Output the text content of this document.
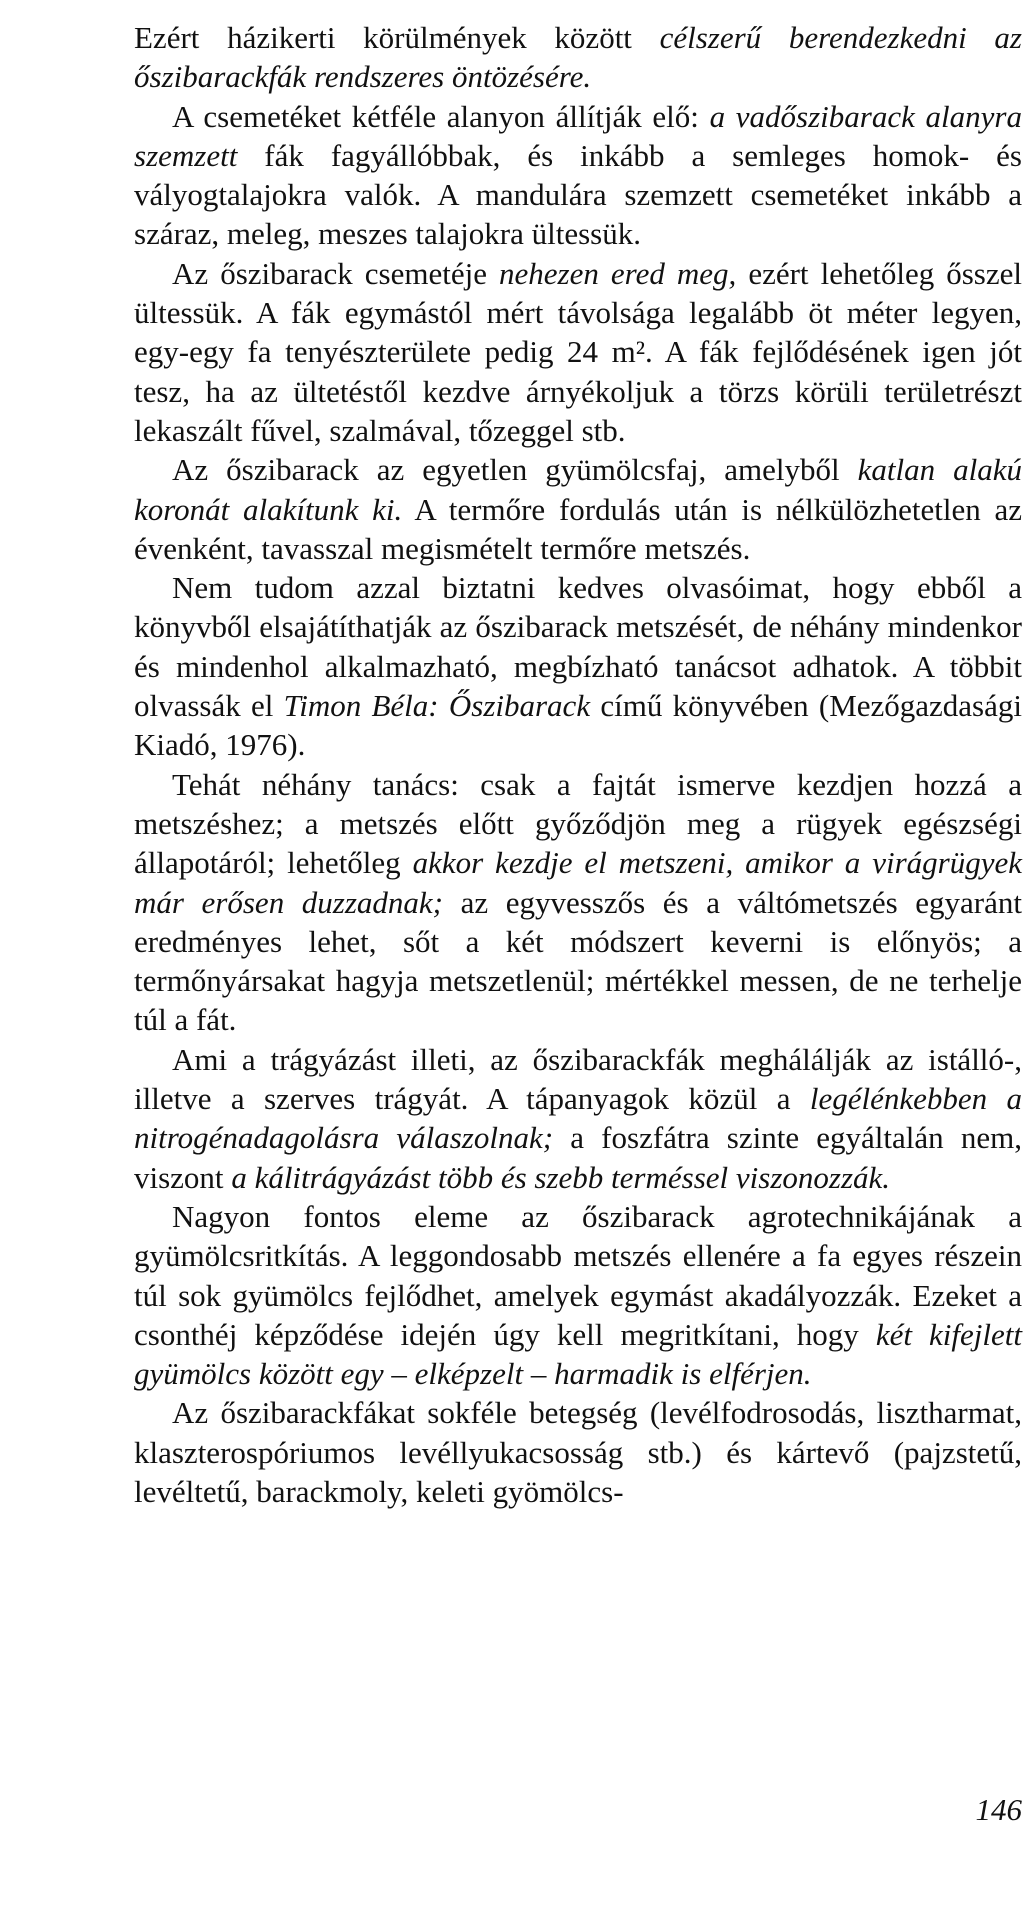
Ezért házikerti körülmények között célszerű berendezkedni az őszibarackfák rendszeres öntözésére.

A csemetéket kétféle alanyon állítják elő: a vadőszibarack alanyra szemzett fák fagyállóbbak, és inkább a semleges homok- és vályogtalajokra valók. A mandulára szemzett csemetéket inkább a száraz, meleg, meszes talajokra ültessük.

Az őszibarack csemetéje nehezen ered meg, ezért lehetőleg ősszel ültessük. A fák egymástól mért távolsága legalább öt méter legyen, egy-egy fa tenyészterülete pedig 24 m². A fák fejlődésének igen jót tesz, ha az ültetéstől kezdve árnyékoljuk a törzs körüli területrészt lekaszált fűvel, szalmával, tőzeggel stb.

Az őszibarack az egyetlen gyümölcsfaj, amelyből katlan alakú koronát alakítunk ki. A termőre fordulás után is nélkülözhetetlen az évenként, tavasszal megismételt termőre metszés.

Nem tudom azzal biztatni kedves olvasóimat, hogy ebből a könyvből elsajátíthatják az őszibarack metszését, de néhány mindenkor és mindenhol alkalmazható, megbízható tanácsot adhatok. A többit olvassák el Timon Béla: Őszibarack című könyvében (Mezőgazdasági Kiadó, 1976).

Tehát néhány tanács: csak a fajtát ismerve kezdjen hozzá a metszéshez; a metszés előtt győződjön meg a rügyek egészségi állapotáról; lehetőleg akkor kezdje el metszeni, amikor a virágrügyek már erősen duzzadnak; az egyvesszős és a váltómetszés egyaránt eredményes lehet, sőt a két módszert keverni is előnyös; a termőnyársakat hagyja metszetlenül; mértékkel messen, de ne terhelje túl a fát.

Ami a trágyázást illeti, az őszibarackfák meghálálják az istálló-, illetve a szerves trágyát. A tápanyagok közül a legélénkebben a nitrogénadagolásra válaszolnak; a foszfátra szinte egyáltalán nem, viszont a kálitrágyázást több és szebb terméssel viszonozzák.

Nagyon fontos eleme az őszibarack agrotechnikájának a gyümölcsritkítás. A leggondosabb metszés ellenére a fa egyes részein túl sok gyümölcs fejlődhet, amelyek egymást akadályozzák. Ezeket a csonthéj képződése idején úgy kell megritkítani, hogy két kifejlett gyümölcs között egy – elképzelt – harmadik is elférjen.

Az őszibarackfákat sokféle betegség (levélfodrosodás, lisztharmat, klaszterospóriumos levéllyukacsosság stb.) és kártevő (pajzstetű, levéltetű, barackmoly, keleti gyömölcs-

146
